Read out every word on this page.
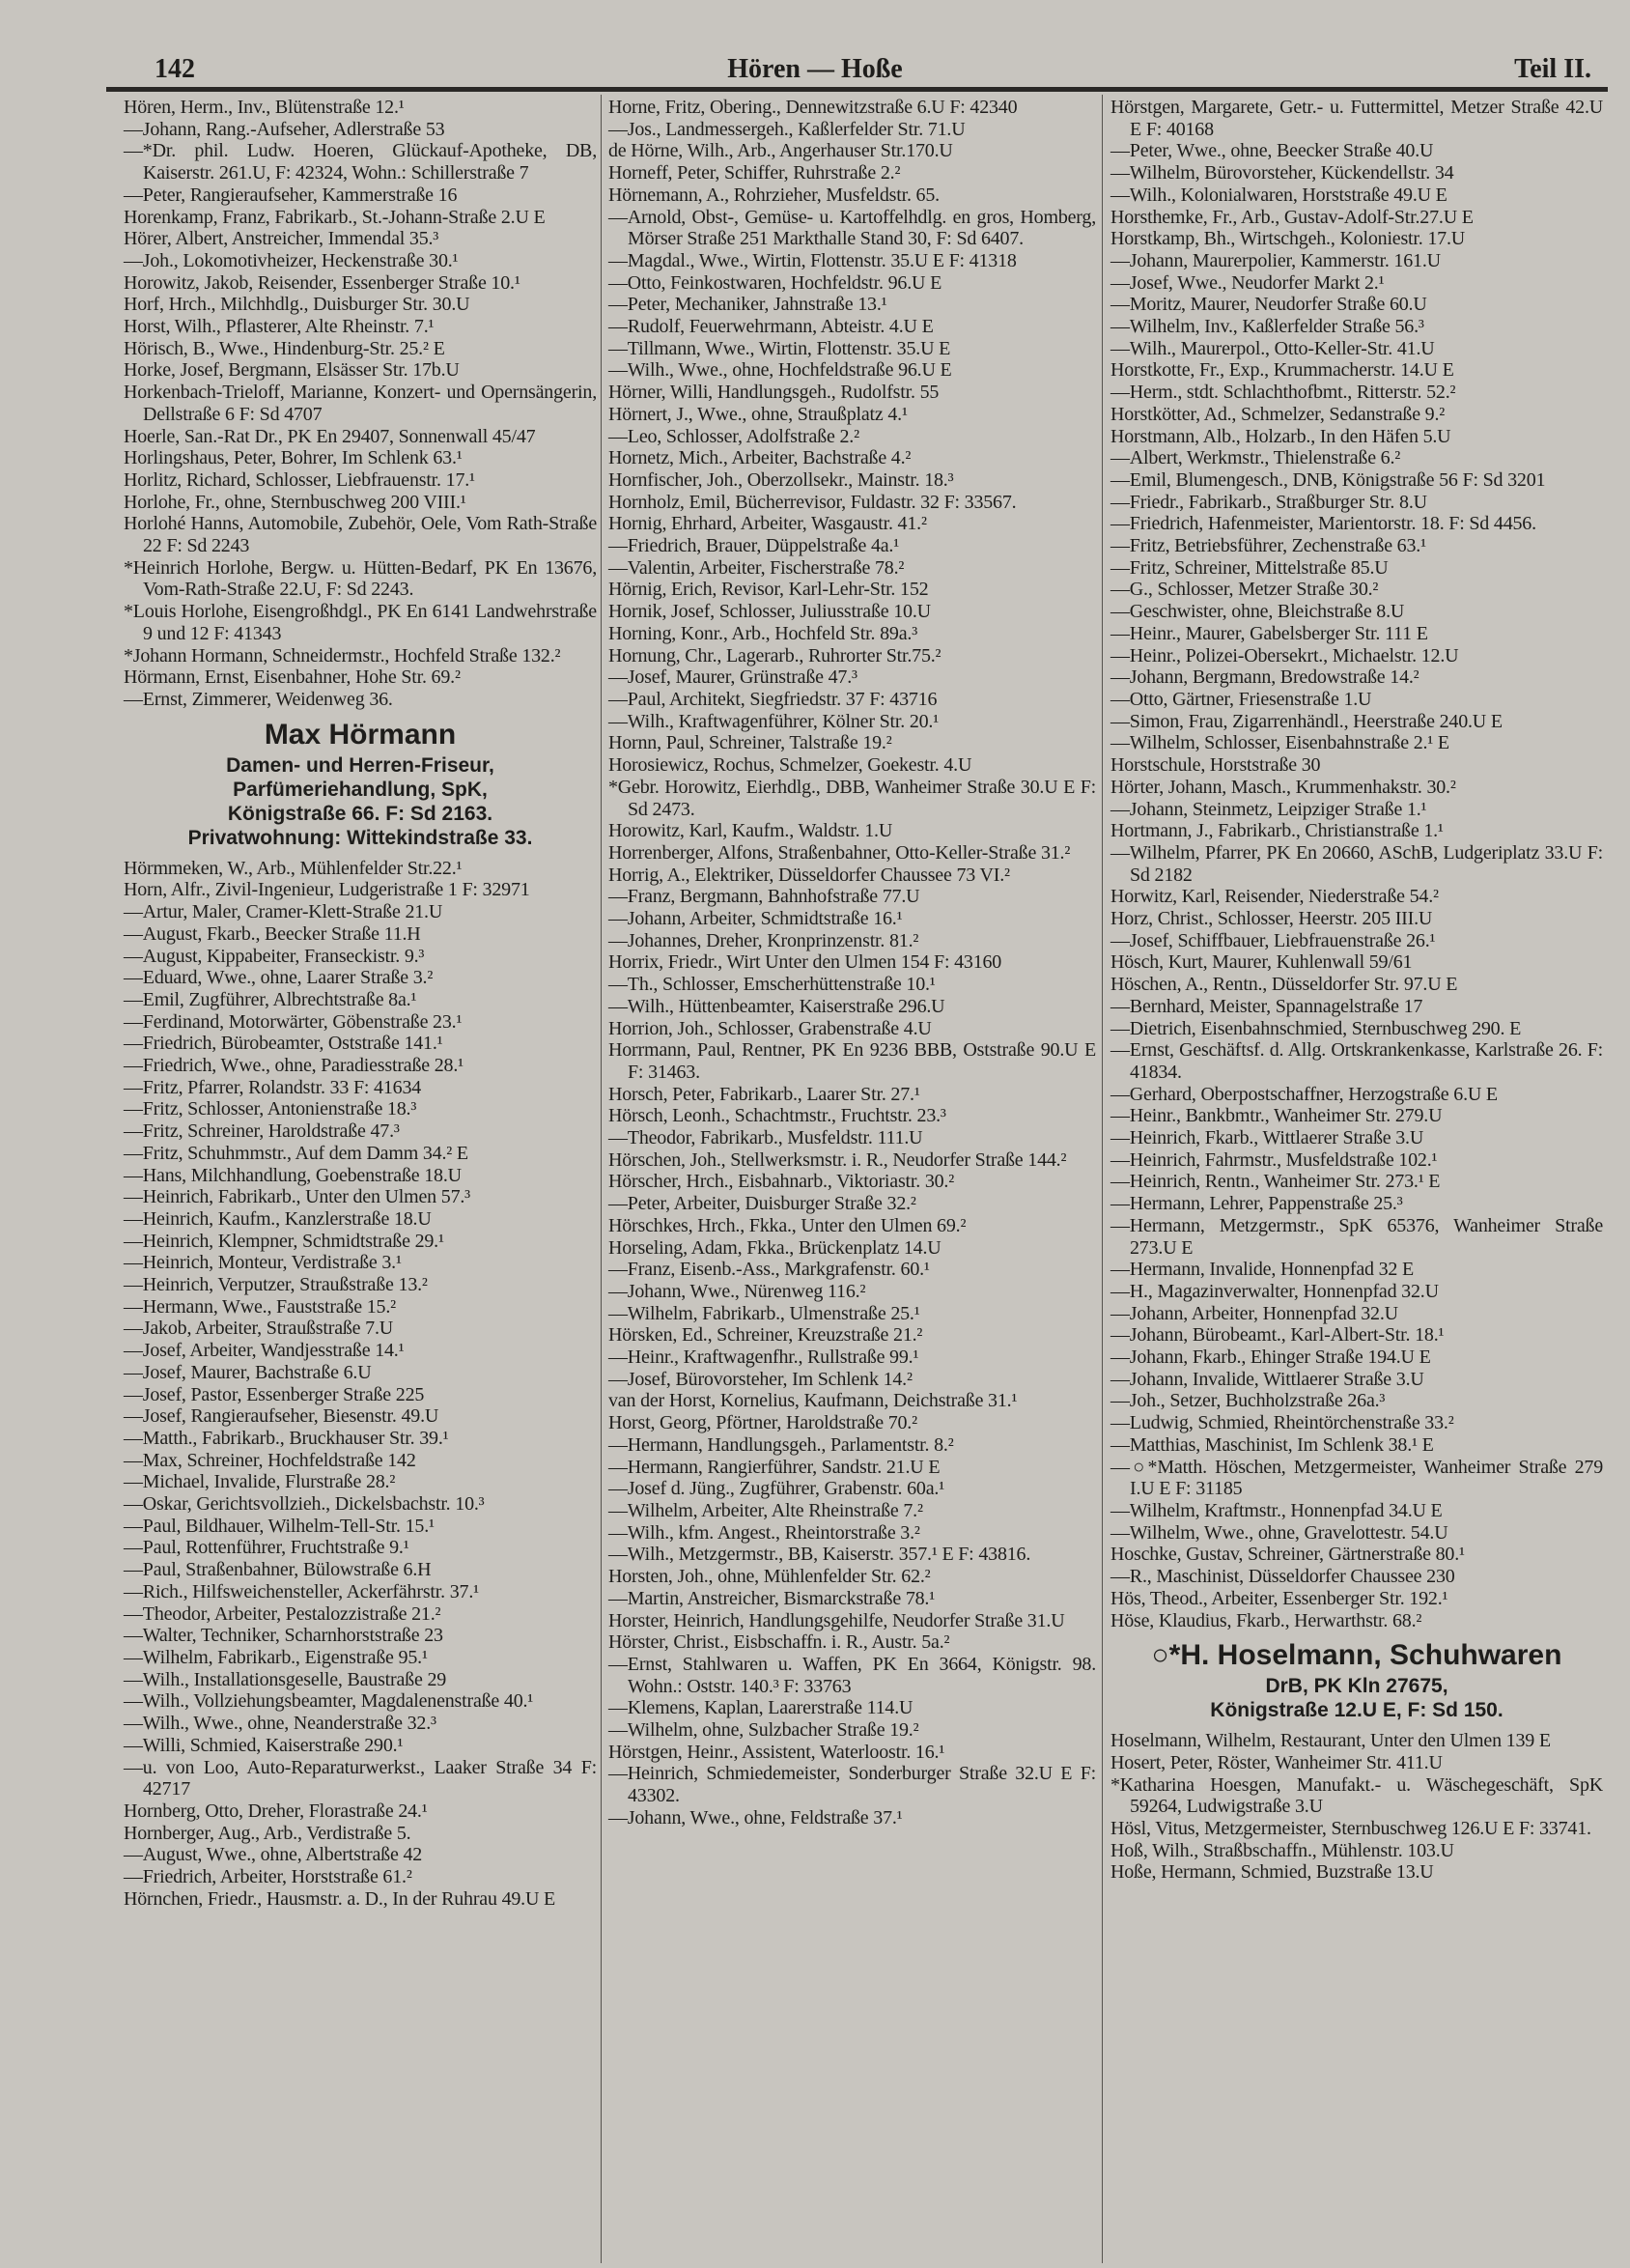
142	Hören — Hoße	Teil II.
Hören, Herm., Inv., Blütenstraße 12.¹
—Johann, Rang.-Aufseher, Adlerstraße 53
—*Dr. phil. Ludw. Hoeren, Glückauf-Apotheke, DB, Kaiserstr. 261.U, F: 42324, Wohn.: Schillerstraße 7
—Peter, Rangieraufseher, Kammerstraße 16
Horenkamp, Franz, Fabrikarb., St.-Johann-Straße 2.U E
Hörer, Albert, Anstreicher, Immendal 35.³
—Joh., Lokomotivheizer, Heckenstraße 30.¹
Horowitz, Jakob, Reisender, Essenberger Straße 10.¹
Horf, Hrch., Milchhdlg., Duisburger Str. 30.U
Horst, Wilh., Pflasterer, Alte Rheinstr. 7.¹
Hörisch, B., Wwe., Hindenburg-Str. 25.² E
Horke, Josef, Bergmann, Elsässer Str. 17b.U
Horkenbach-Trieloff, Marianne, Konzert- und Opernsängerin, Dellstraße 6 F: Sd 4707
Hoerle, San.-Rat Dr., PK En 29407, Sonnenwall 45/47
Horlingshaus, Peter, Bohrer, Im Schlenk 63.¹
Horlitz, Richard, Schlosser, Liebfrauenstr. 17.¹
Horlohe, Fr., ohne, Sternbuschweg 200 VIII.¹
Horlohé Hanns, Automobile, Zubehör, Oele, Vom Rath-Straße 22 F: Sd 2243
*Heinrich Horlohe, Bergw. u. Hütten-Bedarf, PK En 13676, Vom-Rath-Straße 22.U, F: Sd 2243.
*Louis Horlohe, Eisengroßhdgl., PK En 6141 Landwehrstraße 9 und 12 F: 41343
*Johann Hormann, Schneidermstr., Hochfeld Straße 132.²
Hörmann, Ernst, Eisenbahner, Hohe Str. 69.²
—Ernst, Zimmerer, Weidenweg 36.
Max Hörmann
Damen- und Herren-Friseur,
Parfümeriehandlung, SpK,
Königstraße 66. F: Sd 2163.
Privatwohnung: Wittekindstraße 33.
Hörmmeken, W., Arb., Mühlenfelder Str.22.¹
Horn, Alfr., Zivil-Ingenieur, Ludgeristraße 1 F: 32971
—Artur, Maler, Cramer-Klett-Straße 21.U
—August, Fkarb., Beecker Straße 11.H
—August, Kippabeiter, Franseckistr. 9.³
—Eduard, Wwe., ohne, Laarer Straße 3.²
—Emil, Zugführer, Albrechtstraße 8a.¹
—Ferdinand, Motorwärter, Göbenstraße 23.¹
—Friedrich, Bürobeamter, Oststraße 141.¹
—Friedrich, Wwe., ohne, Paradiesstraße 28.¹
—Fritz, Pfarrer, Rolandstr. 33 F: 41634
—Fritz, Schlosser, Antonienstraße 18.³
—Fritz, Schreiner, Haroldstraße 47.³
—Fritz, Schuhmmstr., Auf dem Damm 34.² E
—Hans, Milchhandlung, Goebenstraße 18.U
—Heinrich, Fabrikarb., Unter den Ulmen 57.³
—Heinrich, Kaufm., Kanzlerstraße 18.U
—Heinrich, Klempner, Schmidtstraße 29.¹
—Heinrich, Monteur, Verdistraße 3.¹
—Heinrich, Verputzer, Straußstraße 13.²
—Hermann, Wwe., Fauststraße 15.²
—Jakob, Arbeiter, Straußstraße 7.U
—Josef, Arbeiter, Wandjesstraße 14.¹
—Josef, Maurer, Bachstraße 6.U
—Josef, Pastor, Essenberger Straße 225
—Josef, Rangieraufseher, Biesenstr. 49.U
—Matth., Fabrikarb., Bruckhauser Str. 39.¹
—Max, Schreiner, Hochfeldstraße 142
—Michael, Invalide, Flurstraße 28.²
—Oskar, Gerichtsvollzieh., Dickelsbachstr. 10.³
—Paul, Bildhauer, Wilhelm-Tell-Str. 15.¹
—Paul, Rottenführer, Fruchtstraße 9.¹
—Paul, Straßenbahner, Bülowstraße 6.H
—Rich., Hilfsweichensteller, Ackerfährstr. 37.¹
—Theodor, Arbeiter, Pestalozzistraße 21.²
—Walter, Techniker, Scharnhorststraße 23
—Wilhelm, Fabrikarb., Eigenstraße 95.¹
—Wilh., Installationsgeselle, Baustraße 29
—Wilh., Vollziehungsbeamter, Magdalenenstraße 40.¹
—Wilh., Wwe., ohne, Neanderstraße 32.³
—Willi, Schmied, Kaiserstraße 290.¹
—u. von Loo, Auto-Reparaturwerkst., Laaker Straße 34 F: 42717
Hornberg, Otto, Dreher, Florastraße 24.¹
Hornberger, Aug., Arb., Verdistraße 5.
—August, Wwe., ohne, Albertstraße 42
—Friedrich, Arbeiter, Horststraße 61.²
Hörnchen, Friedr., Hausmstr. a. D., In der Ruhrau 49.U E
Horne, Fritz, Obering., Dennewitzstraße 6.U F: 42340
—Jos., Landmessergeh., Kaßlerfelder Str. 71.U
de Hörne, Wilh., Arb., Angerhauser Str.170.U
Horneff, Peter, Schiffer, Ruhrstraße 2.²
Hörnemann, A., Rohrzieher, Musfeldstr. 65.
—Arnold, Obst-, Gemüse- u. Kartoffelhdlg. en gros, Homberg, Mörser Straße 251 Markthalle Stand 30, F: Sd 6407.
—Magdal., Wwe., Wirtin, Flottenstr. 35.U E F: 41318
—Otto, Feinkostwaren, Hochfeldstr. 96.U E
—Peter, Mechaniker, Jahnstraße 13.¹
—Rudolf, Feuerwehrmann, Abteistr. 4.U E
—Tillmann, Wwe., Wirtin, Flottenstr. 35.U E
—Wilh., Wwe., ohne, Hochfeldstraße 96.U E
Hörner, Willi, Handlungsgeh., Rudolfstr. 55
Hörnert, J., Wwe., ohne, Straußplatz 4.¹
—Leo, Schlosser, Adolfstraße 2.²
Hornetz, Mich., Arbeiter, Bachstraße 4.²
Hornfischer, Joh., Oberzollsekr., Mainstr. 18.³
Hornholz, Emil, Bücherrevisor, Fuldastr. 32 F: 33567.
Hornig, Ehrhard, Arbeiter, Wasgaustr. 41.²
—Friedrich, Brauer, Düppelstraße 4a.¹
—Valentin, Arbeiter, Fischerstraße 78.²
Hörnig, Erich, Revisor, Karl-Lehr-Str. 152
Hornik, Josef, Schlosser, Juliusstraße 10.U
Horning, Konr., Arb., Hochfeld Str. 89a.³
Hornung, Chr., Lagerarb., Ruhrorter Str.75.²
—Josef, Maurer, Grünstraße 47.³
—Paul, Architekt, Siegfriedstr. 37 F: 43716
—Wilh., Kraftwagenführer, Kölner Str. 20.¹
Hornn, Paul, Schreiner, Talstraße 19.²
Horosiewicz, Rochus, Schmelzer, Goekestr. 4.U
*Gebr. Horowitz, Eierhdlg., DBB, Wanheimer Straße 30.U E F: Sd 2473.
Horowitz, Karl, Kaufm., Waldstr. 1.U
Horrenberger, Alfons, Straßenbahner, Otto-Keller-Straße 31.²
Horrig, A., Elektriker, Düsseldorfer Chaussee 73 VI.²
—Franz, Bergmann, Bahnhofstraße 77.U
—Johann, Arbeiter, Schmidtstraße 16.¹
—Johannes, Dreher, Kronprinzenstr. 81.²
Horrix, Friedr., Wirt Unter den Ulmen 154 F: 43160
—Th., Schlosser, Emscherhüttenstraße 10.¹
—Wilh., Hüttenbeamter, Kaiserstraße 296.U
Horrion, Joh., Schlosser, Grabenstraße 4.U
Horrmann, Paul, Rentner, PK En 9236 BBB, Oststraße 90.U E F: 31463.
Horsch, Peter, Fabrikarb., Laarer Str. 27.¹
Hörsch, Leonh., Schachtmstr., Fruchtstr. 23.³
—Theodor, Fabrikarb., Musfeldstr. 111.U
Hörschen, Joh., Stellwerksmstr. i. R., Neudorfer Straße 144.²
Hörscher, Hrch., Eisbahnarb., Viktoriastr. 30.²
—Peter, Arbeiter, Duisburger Straße 32.²
Hörschkes, Hrch., Fkka., Unter den Ulmen 69.²
Horseling, Adam, Fkka., Brückenplatz 14.U
—Franz, Eisenb.-Ass., Markgrafenstr. 60.¹
—Johann, Wwe., Nürenweg 116.²
—Wilhelm, Fabrikarb., Ulmenstraße 25.¹
Hörsken, Ed., Schreiner, Kreuzstraße 21.²
—Heinr., Kraftwagenfhr., Rullstraße 99.¹
—Josef, Bürovorsteher, Im Schlenk 14.²
van der Horst, Kornelius, Kaufmann, Deichstraße 31.¹
Horst, Georg, Pförtner, Haroldstraße 70.²
—Hermann, Handlungsgeh., Parlamentstr. 8.²
—Hermann, Rangierführer, Sandstr. 21.U E
—Josef d. Jüng., Zugführer, Grabenstr. 60a.¹
—Wilhelm, Arbeiter, Alte Rheinstraße 7.²
—Wilh., kfm. Angest., Rheintorstraße 3.²
—Wilh., Metzgermstr., BB, Kaiserstr. 357.¹ E F: 43816.
Horsten, Joh., ohne, Mühlenfelder Str. 62.²
—Martin, Anstreicher, Bismarckstraße 78.¹
Horster, Heinrich, Handlungsgehilfe, Neudorfer Straße 31.U
Hörster, Christ., Eisbschaffn. i. R., Austr. 5a.²
—Ernst, Stahlwaren u. Waffen, PK En 3664, Königstr. 98. Wohn.: Oststr. 140.³ F: 33763
—Klemens, Kaplan, Laarerstraße 114.U
—Wilhelm, ohne, Sulzbacher Straße 19.²
Hörstgen, Heinr., Assistent, Waterloostr. 16.¹
—Heinrich, Schmiedemeister, Sonderburger Straße 32.U E F: 43302.
—Johann, Wwe., ohne, Feldstraße 37.¹
Hörstgen, Margarete, Getr.- u. Futtermittel, Metzer Straße 42.U E F: 40168
—Peter, Wwe., ohne, Beecker Straße 40.U
—Wilhelm, Bürovorsteher, Kückendellstr. 34
—Wilh., Kolonialwaren, Horststraße 49.U E
Horsthemke, Fr., Arb., Gustav-Adolf-Str.27.U E
Horstkamp, Bh., Wirtschgeh., Koloniestr. 17.U
—Johann, Maurerpolier, Kammerstr. 161.U
—Josef, Wwe., Neudorfer Markt 2.¹
—Moritz, Maurer, Neudorfer Straße 60.U
—Wilhelm, Inv., Kaßlerfelder Straße 56.³
—Wilh., Maurerpol., Otto-Keller-Str. 41.U
Horstkotte, Fr., Exp., Krummacherstr. 14.U E
—Herm., stdt. Schlachthofbmt., Ritterstr. 52.²
Horstkötter, Ad., Schmelzer, Sedanstraße 9.²
Horstmann, Alb., Holzarb., In den Häfen 5.U
—Albert, Werkmstr., Thielenstraße 6.²
—Emil, Blumengesch., DNB, Königstraße 56 F: Sd 3201
—Friedr., Fabrikarb., Straßburger Str. 8.U
—Friedrich, Hafenmeister, Marientorstr. 18. F: Sd 4456.
—Fritz, Betriebsführer, Zechenstraße 63.¹
—Fritz, Schreiner, Mittelstraße 85.U
—G., Schlosser, Metzer Straße 30.²
—Geschwister, ohne, Bleichstraße 8.U
—Heinr., Maurer, Gabelsberger Str. 111 E
—Heinr., Polizei-Obersekrt., Michaelstr. 12.U
—Johann, Bergmann, Bredowstraße 14.²
—Otto, Gärtner, Friesenstraße 1.U
—Simon, Frau, Zigarrenhändl., Heerstraße 240.U E
—Wilhelm, Schlosser, Eisenbahnstraße 2.¹ E
Horstschule, Horststraße 30
Hörter, Johann, Masch., Krummenhakstr. 30.²
—Johann, Steinmetz, Leipziger Straße 1.¹
Hortmann, J., Fabrikarb., Christianstraße 1.¹
—Wilhelm, Pfarrer, PK En 20660, ASchB, Ludgeriplatz 33.U F: Sd 2182
Horwitz, Karl, Reisender, Niederstraße 54.²
Horz, Christ., Schlosser, Heerstr. 205 III.U
—Josef, Schiffbauer, Liebfrauenstraße 26.¹
Hösch, Kurt, Maurer, Kuhlenwall 59/61
Höschen, A., Rentn., Düsseldorfer Str. 97.U E
—Bernhard, Meister, Spannagelstraße 17
—Dietrich, Eisenbahnschmied, Sternbuschweg 290. E
—Ernst, Geschäftsf. d. Allg. Ortskrankenkasse, Karlstraße 26. F: 41834.
—Gerhard, Oberpostschaffner, Herzogstraße 6.U E
—Heinr., Bankbmtr., Wanheimer Str. 279.U
—Heinrich, Fkarb., Wittlaerer Straße 3.U
—Heinrich, Fahrmstr., Musfeldstraße 102.¹
—Heinrich, Rentn., Wanheimer Str. 273.¹ E
—Hermann, Lehrer, Pappenstraße 25.³
—Hermann, Metzgermstr., SpK 65376, Wanheimer Straße 273.U E
—Hermann, Invalide, Honnenpfad 32 E
—H., Magazinverwalter, Honnenpfad 32.U
—Johann, Arbeiter, Honnenpfad 32.U
—Johann, Bürobeamt., Karl-Albert-Str. 18.¹
—Johann, Fkarb., Ehinger Straße 194.U E
—Johann, Invalide, Wittlaerer Straße 3.U
—Joh., Setzer, Buchholzstraße 26a.³
—Ludwig, Schmied, Rheintörchenstraße 33.²
—Matthias, Maschinist, Im Schlenk 38.¹ E
—○*Matth. Höschen, Metzgermeister, Wanheimer Straße 279 I.U E F: 31185
—Wilhelm, Kraftmstr., Honnenpfad 34.U E
—Wilhelm, Wwe., ohne, Gravelottestr. 54.U
Hoschke, Gustav, Schreiner, Gärtnerstraße 80.¹
—R., Maschinist, Düsseldorfer Chaussee 230
Hös, Theod., Arbeiter, Essenberger Str. 192.¹
Höse, Klaudius, Fkarb., Herwarthstr. 68.²
○*H. Hoselmann, Schuhwaren
DrB, PK Kln 27675,
Königstraße 12.U E, F: Sd 150.
Hoselmann, Wilhelm, Restaurant, Unter den Ulmen 139 E
Hosert, Peter, Röster, Wanheimer Str. 411.U
*Katharina Hoesgen, Manufakt.- u. Wäschegeschäft, SpK 59264, Ludwigstraße 3.U
Hösl, Vitus, Metzgermeister, Sternbuschweg 126.U E F: 33741.
Hoß, Wilh., Straßbschaffn., Mühlenstr. 103.U
Hoße, Hermann, Schmied, Buzstraße 13.U
